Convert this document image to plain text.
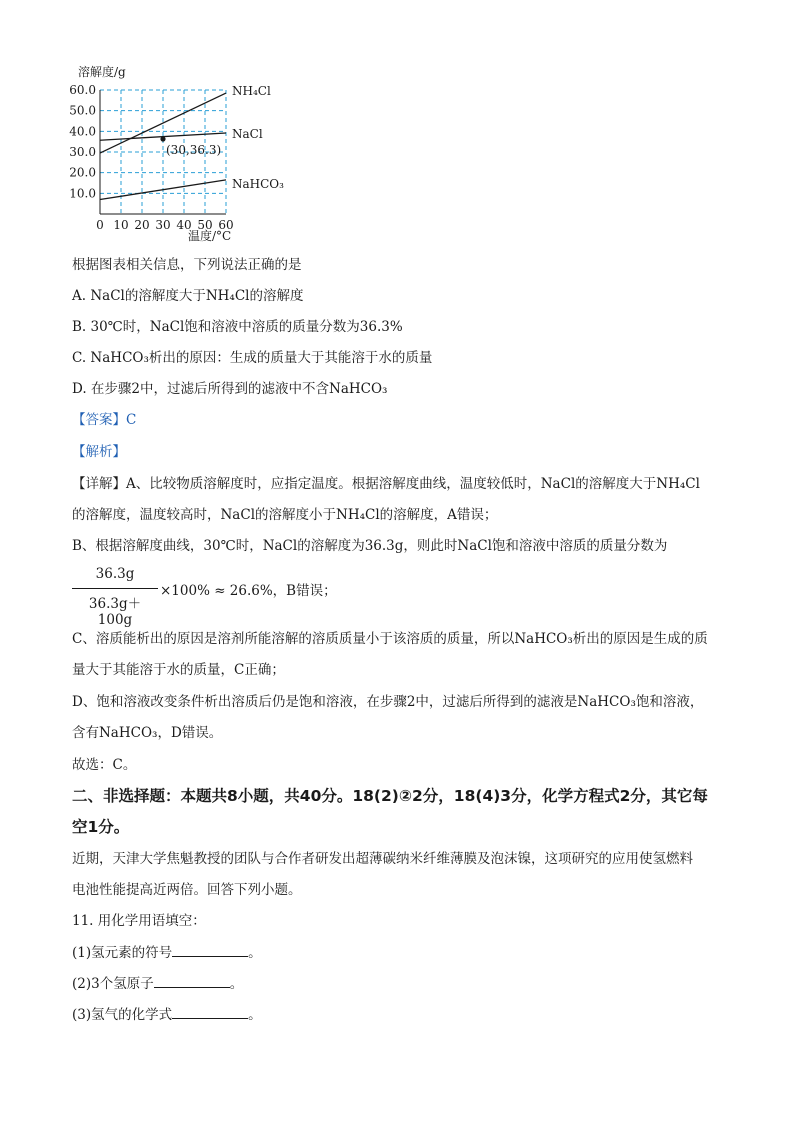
溶解度/g
NH₄Cl
NaCl
NaHCO₃
(30,36.3)
10.0
20.0
30.0
40.0
50.0
60.0
0 10 20 30 40 50 60
温度/°C
根据图表相关信息，下列说法正确的是
A. NaCl的溶解度大于NH₄Cl的溶解度
B. 30℃时，NaCl饱和溶液中溶质的质量分数为36.3%
C. NaHCO₃析出的原因：生成的质量大于其能溶于水的质量
D. 在步骤2中，过滤后所得到的滤液中不含NaHCO₃
【答案】C
【解析】
【详解】A、比较物质溶解度时，应指定温度。根据溶解度曲线，温度较低时，NaCl的溶解度大于NH₄Cl
的溶解度，温度较高时，NaCl的溶解度小于NH₄Cl的溶解度，A错误；
B、根据溶解度曲线，30℃时，NaCl的溶解度为36.3g，则此时NaCl饱和溶液中溶质的质量分数为
36.3g
36.3g＋100g
×100% ≈ 26.6%，B错误；
C、溶质能析出的原因是溶剂所能溶解的溶质质量小于该溶质的质量，所以NaHCO₃析出的原因是生成的质
量大于其能溶于水的质量，C正确；
D、饱和溶液改变条件析出溶质后仍是饱和溶液，在步骤2中，过滤后所得到的滤液是NaHCO₃饱和溶液，
含有NaHCO₃，D错误。
故选：C。
二、非选择题：本题共8小题，共40分。18(2)②2分，18(4)3分，化学方程式2分，其它每
空1分。
近期，天津大学焦魁教授的团队与合作者研发出超薄碳纳米纤维薄膜及泡沫镍，这项研究的应用使氢燃料
电池性能提高近两倍。回答下列小题。
11. 用化学用语填空：
(1)氢元素的符号	。
(2)3个氢原子	。
(3)氢气的化学式	。
